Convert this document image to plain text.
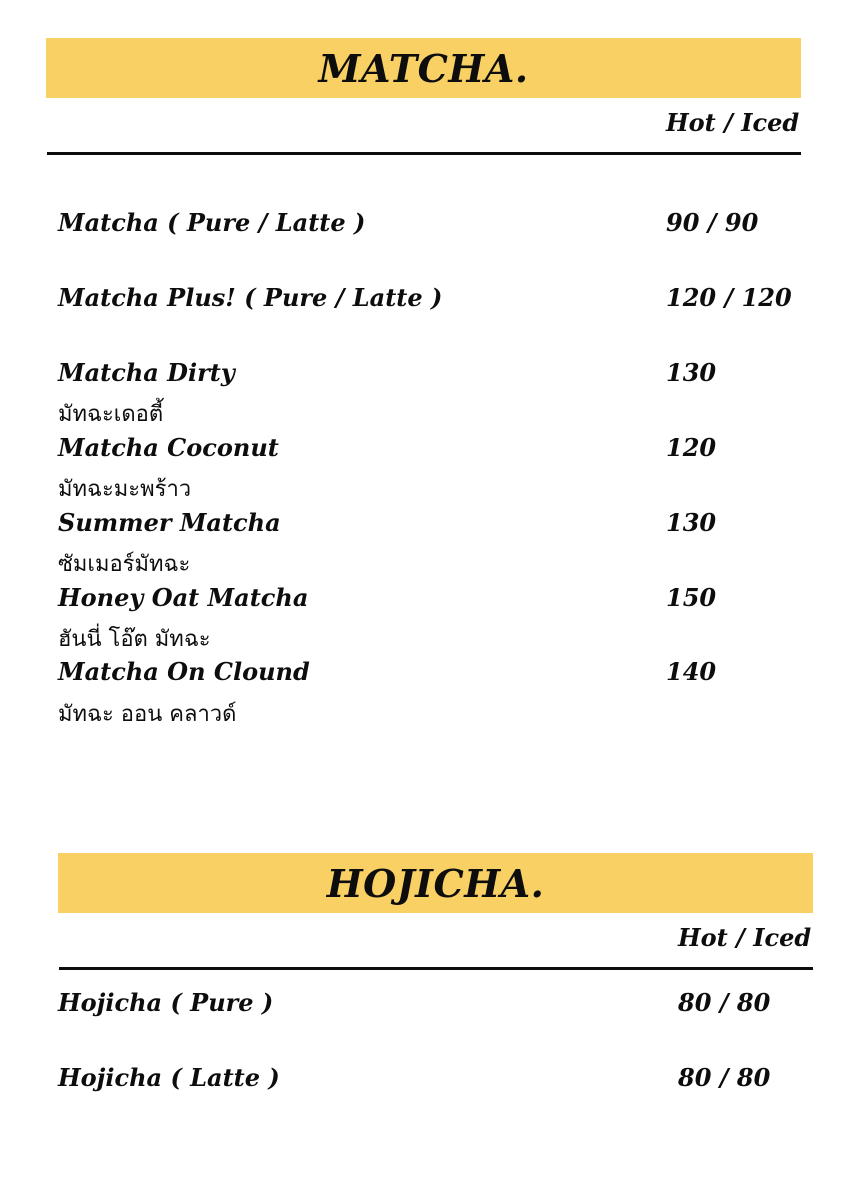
MATCHA.
Hot / Iced
Matcha ( Pure / Latte )	90 / 90
Matcha Plus! ( Pure / Latte )	120 / 120
Matcha Dirty	130
มัทฉะเดอตี้
Matcha Coconut	120
มัทฉะมะพร้าว
Summer Matcha	130
ซัมเมอร์มัทฉะ
Honey Oat Matcha	150
ฮันนี่ โอ๊ต มัทฉะ
Matcha On Clound	140
มัทฉะ ออน คลาวด์
HOJICHA.
Hot / Iced
Hojicha ( Pure )	80 / 80
Hojicha ( Latte )	80 / 80
